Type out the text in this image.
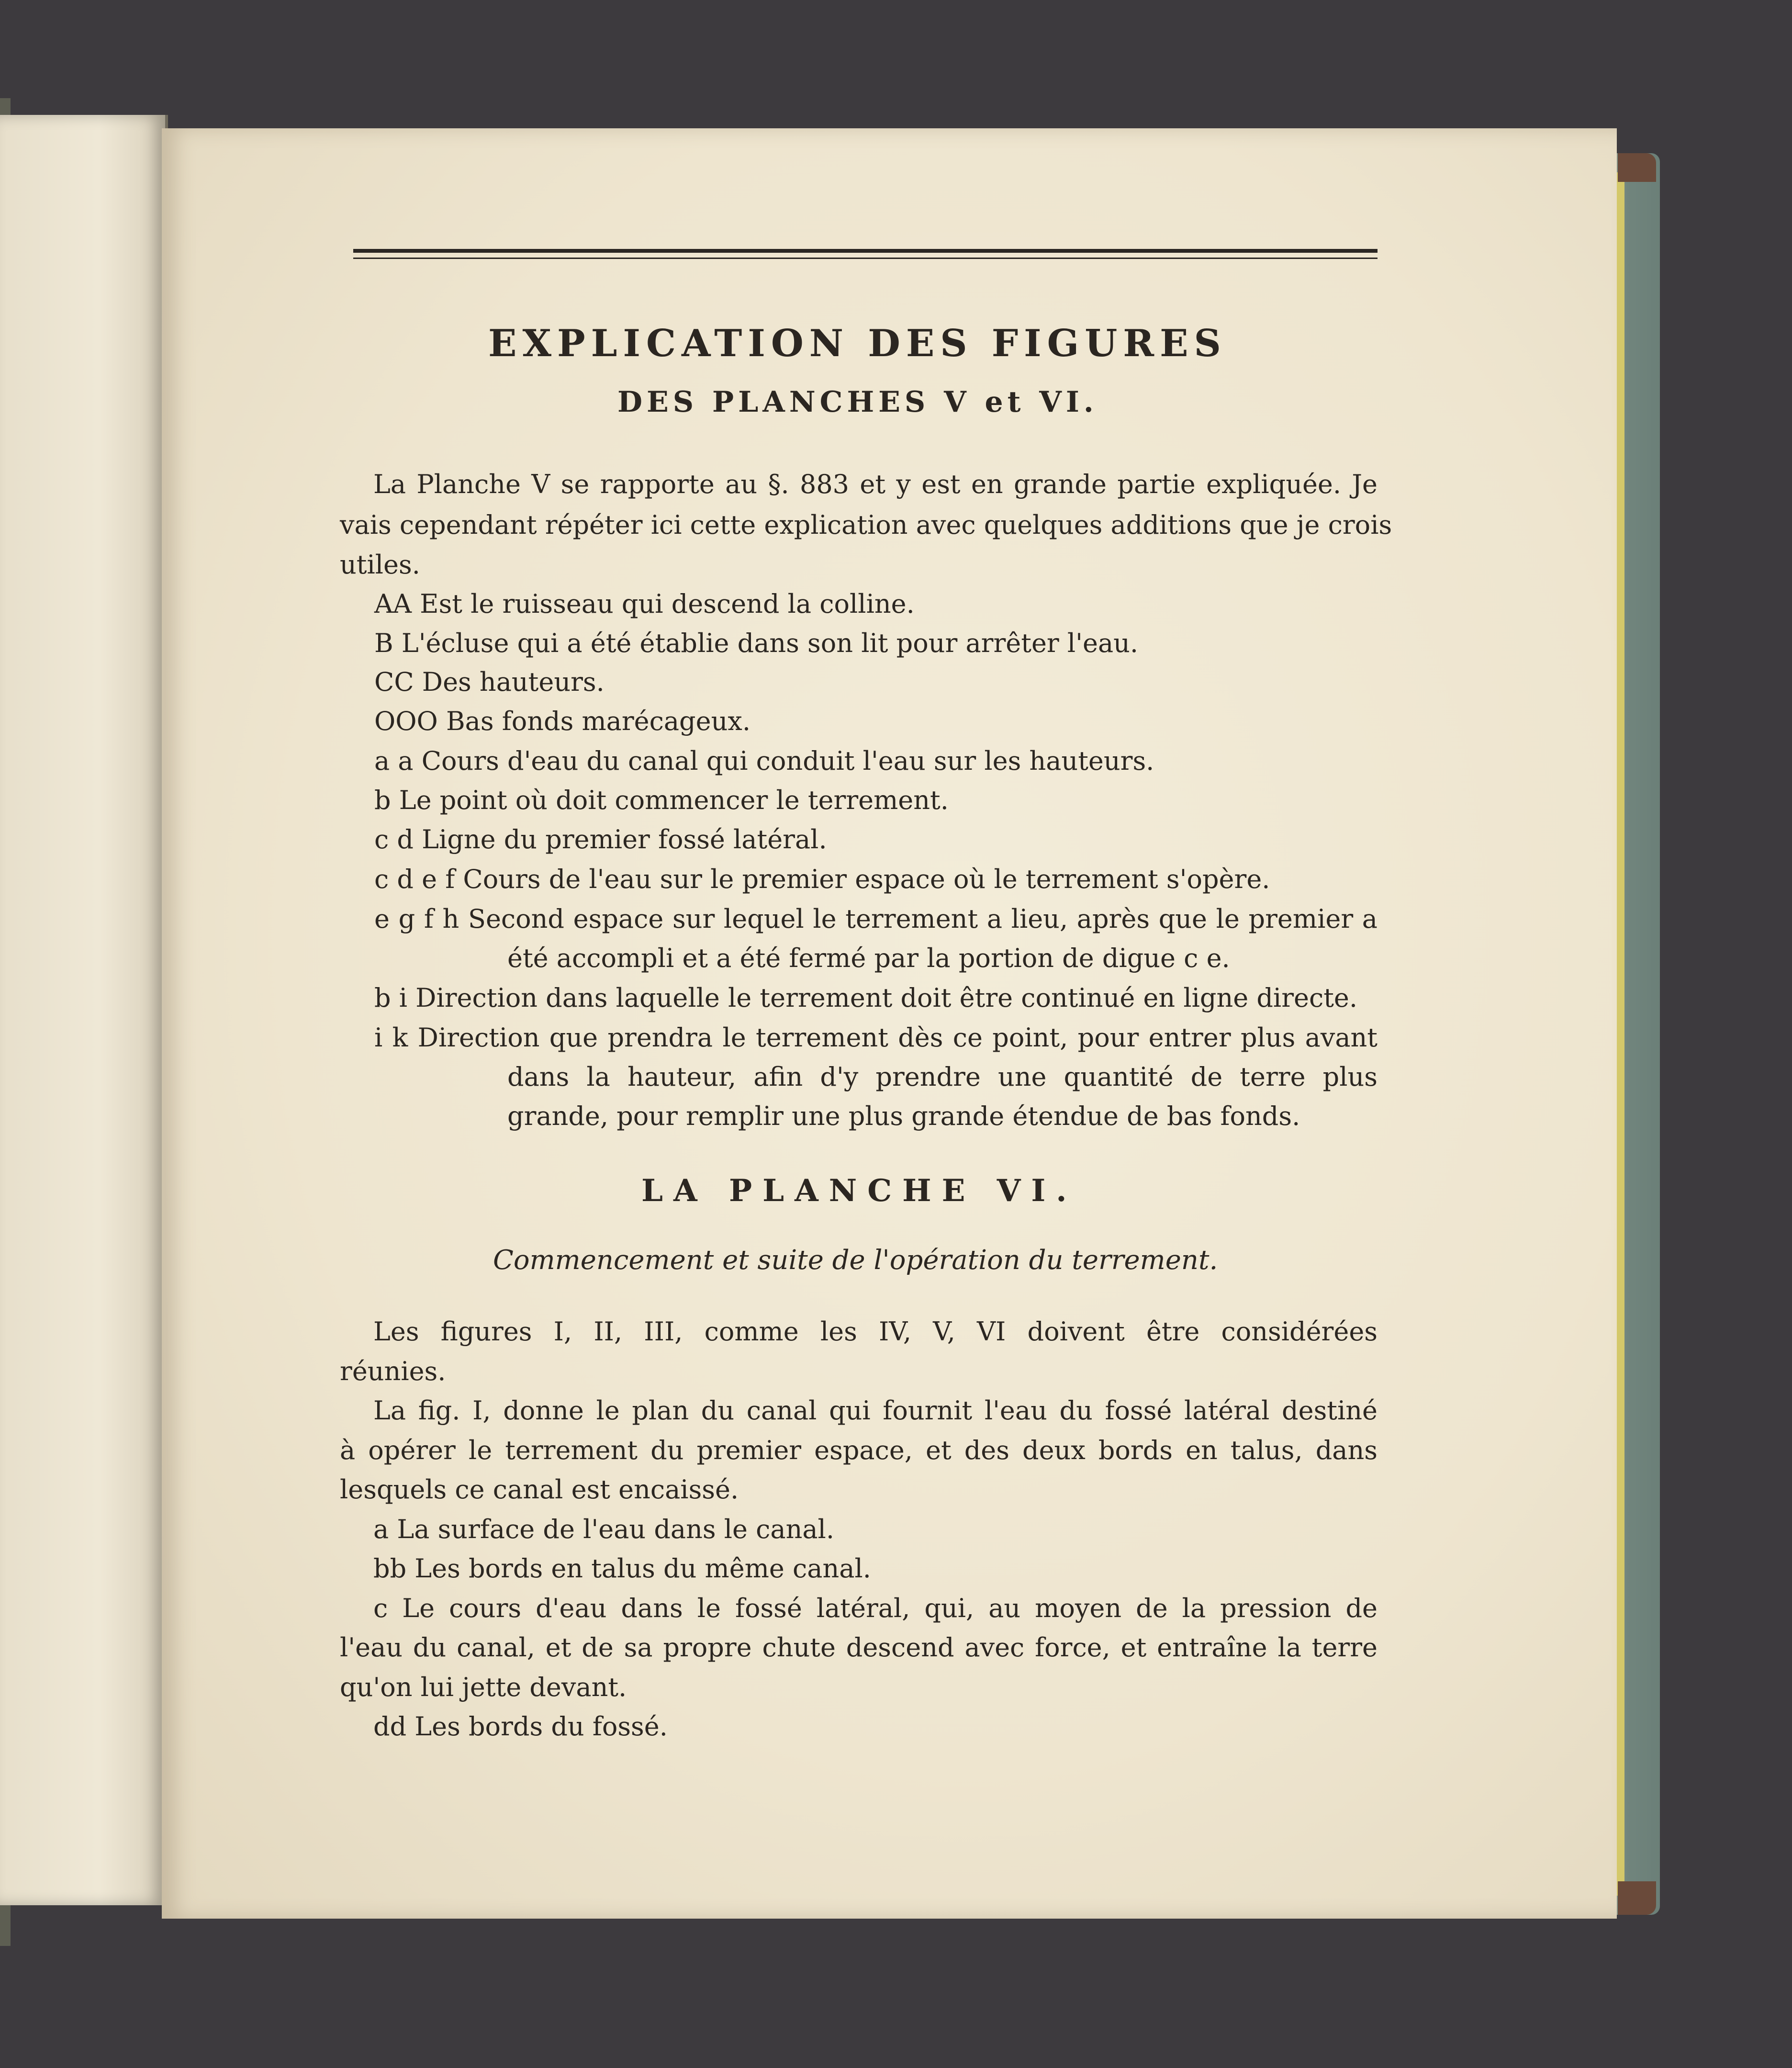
EXPLICATION DES FIGURES
DES PLANCHES V et VI.
La Planche V se rapporte au §. 883 et y est en grande partie expliquée. Je
vais cependant répéter ici cette explication avec quelques additions que je crois
utiles.
AA Est le ruisseau qui descend la colline.
B L'écluse qui a été établie dans son lit pour arrêter l'eau.
CC Des hauteurs.
OOO Bas fonds marécageux.
a a Cours d'eau du canal qui conduit l'eau sur les hauteurs.
b Le point où doit commencer le terrement.
c d Ligne du premier fossé latéral.
c d e f Cours de l'eau sur le premier espace où le terrement s'opère.
e g f h Second espace sur lequel le terrement a lieu, après que le premier a
été accompli et a été fermé par la portion de digue c e.
b i Direction dans laquelle le terrement doit être continué en ligne directe.
i k Direction que prendra le terrement dès ce point, pour entrer plus avant
dans la hauteur, afin d'y prendre une quantité de terre plus
grande, pour remplir une plus grande étendue de bas fonds.
LA PLANCHE VI.
Commencement et suite de l'opération du terrement.
Les figures I, II, III, comme les IV, V, VI doivent être considérées
réunies.
La fig. I, donne le plan du canal qui fournit l'eau du fossé latéral destiné
à opérer le terrement du premier espace, et des deux bords en talus, dans
lesquels ce canal est encaissé.
a La surface de l'eau dans le canal.
bb Les bords en talus du même canal.
c Le cours d'eau dans le fossé latéral, qui, au moyen de la pression de
l'eau du canal, et de sa propre chute descend avec force, et entraîne la terre
qu'on lui jette devant.
dd Les bords du fossé.
